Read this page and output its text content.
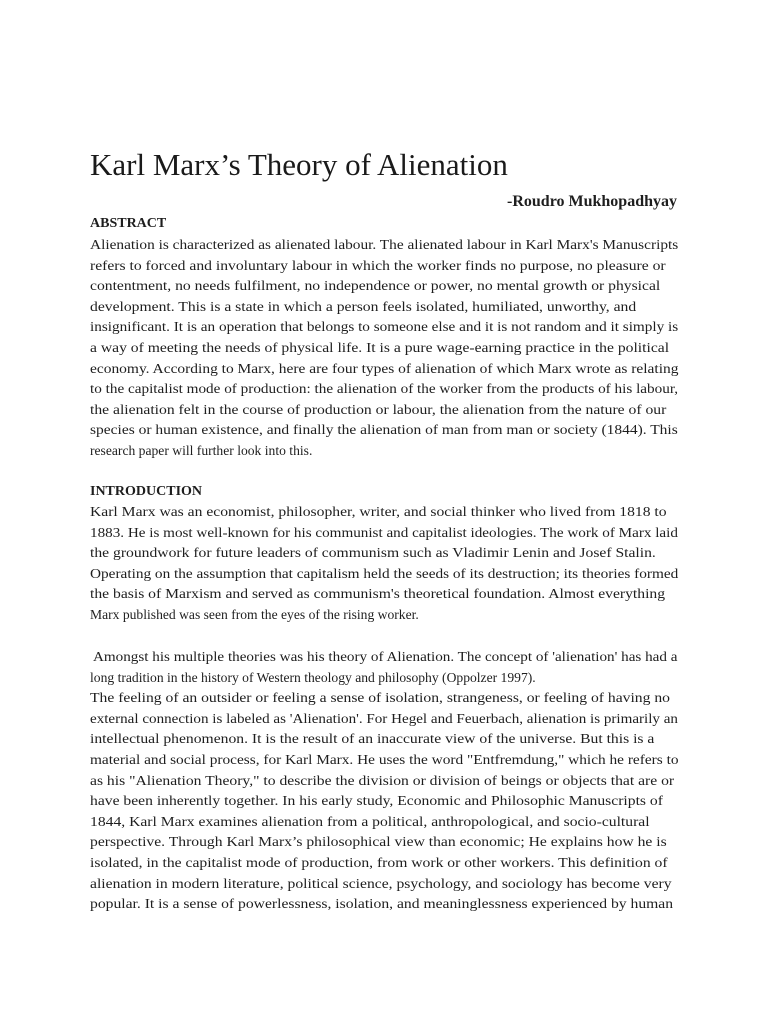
Karl Marx’s Theory of Alienation
-Roudro Mukhopadhyay
ABSTRACT
Alienation is characterized as alienated labour. The alienated labour in Karl Marx's Manuscripts
refers to forced and involuntary labour in which the worker finds no purpose, no pleasure or
contentment, no needs fulfilment, no independence or power, no mental growth or physical
development. This is a state in which a person feels isolated, humiliated, unworthy, and
insignificant. It is an operation that belongs to someone else and it is not random and it simply is
a way of meeting the needs of physical life. It is a pure wage-earning practice in the political
economy. According to Marx, here are four types of alienation of which Marx wrote as relating
to the capitalist mode of production: the alienation of the worker from the products of his labour,
the alienation felt in the course of production or labour, the alienation from the nature of our
species or human existence, and finally the alienation of man from man or society (1844). This
research paper will further look into this.
INTRODUCTION
Karl Marx was an economist, philosopher, writer, and social thinker who lived from 1818 to
1883. He is most well-known for his communist and capitalist ideologies. The work of Marx laid
the groundwork for future leaders of communism such as Vladimir Lenin and Josef Stalin.
Operating on the assumption that capitalism held the seeds of its destruction; its theories formed
the basis of Marxism and served as communism's theoretical foundation. Almost everything
Marx published was seen from the eyes of the rising worker.
Amongst his multiple theories was his theory of Alienation. The concept of 'alienation' has had a
long tradition in the history of Western theology and philosophy (Oppolzer 1997).
The feeling of an outsider or feeling a sense of isolation, strangeness, or feeling of having no
external connection is labeled as 'Alienation'. For Hegel and Feuerbach, alienation is primarily an
intellectual phenomenon. It is the result of an inaccurate view of the universe. But this is a
material and social process, for Karl Marx. He uses the word "Entfremdung," which he refers to
as his "Alienation Theory," to describe the division or division of beings or objects that are or
have been inherently together. In his early study, Economic and Philosophic Manuscripts of
1844, Karl Marx examines alienation from a political, anthropological, and socio-cultural
perspective. Through Karl Marx’s philosophical view than economic; He explains how he is
isolated, in the capitalist mode of production, from work or other workers. This definition of
alienation in modern literature, political science, psychology, and sociology has become very
popular. It is a sense of powerlessness, isolation, and meaninglessness experienced by human
